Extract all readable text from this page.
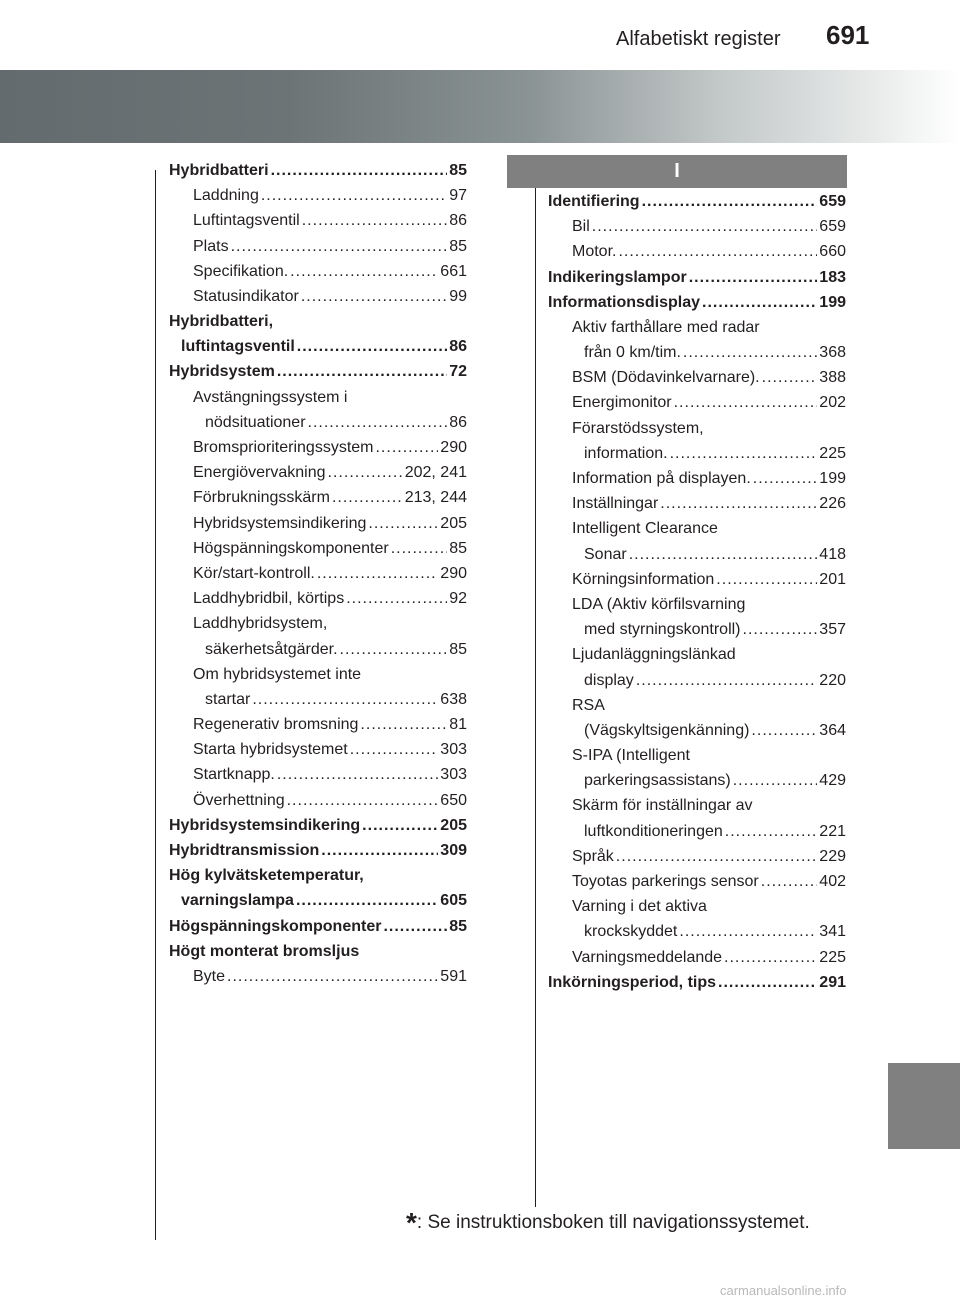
691
Alfabetiskt register
I
Hybridbatteri .....	85
Laddning .....	97
Luftintagsventil .....	86
Plats .....	85
Specifikation. .....	661
Statusindikator .....	99
Hybridbatteri,
luftintagsventil .....	86
Hybridsystem .....	72
Avstängningssystem i
nödsituationer .....	86
Bromsprioriteringssystem .....	290
Energiövervakning .....	202, 241
Förbrukningsskärm .....	213, 244
Hybridsystemsindikering .....	205
Högspänningskomponenter .....	85
Kör/start-kontroll. .....	290
Laddhybridbil, körtips .....	92
Laddhybridsystem,
säkerhetsåtgärder. .....	85
Om hybridsystemet inte
startar .....	638
Regenerativ bromsning .....	81
Starta hybridsystemet .....	303
Startknapp. .....	303
Överhettning .....	650
Hybridsystemsindikering .....	205
Hybridtransmission .....	309
Hög kylvätsketemperatur,
varningslampa .....	605
Högspänningskomponenter .....	85
Högt monterat bromsljus
Byte .....	591
Identifiering .....	659
Bil .....	659
Motor. .....	660
Indikeringslampor .....	183
Informationsdisplay .....	199
Aktiv farthållare med radar
från 0 km/tim. .....	368
BSM (Dödavinkelvarnare). .....	388
Energimonitor .....	202
Förarstödssystem,
information. .....	225
Information på displayen. .....	199
Inställningar .....	226
Intelligent Clearance
Sonar .....	418
Körningsinformation .....	201
LDA (Aktiv körfilsvarning
med styrningskontroll) .....	357
Ljudanläggningslänkad
display .....	220
RSA
(Vägskyltsigenkänning) .....	364
S-IPA (Intelligent
parkeringsassistans) .....	429
Skärm för inställningar av
luftkonditioneringen .....	221
Språk .....	229
Toyotas parkerings sensor .....	402
Varning i det aktiva
krockskyddet .....	341
Varningsmeddelande .....	225
Inkörningsperiod, tips .....	291
*: Se instruktionsboken till navigationssystemet.
carmanualsonline.info
